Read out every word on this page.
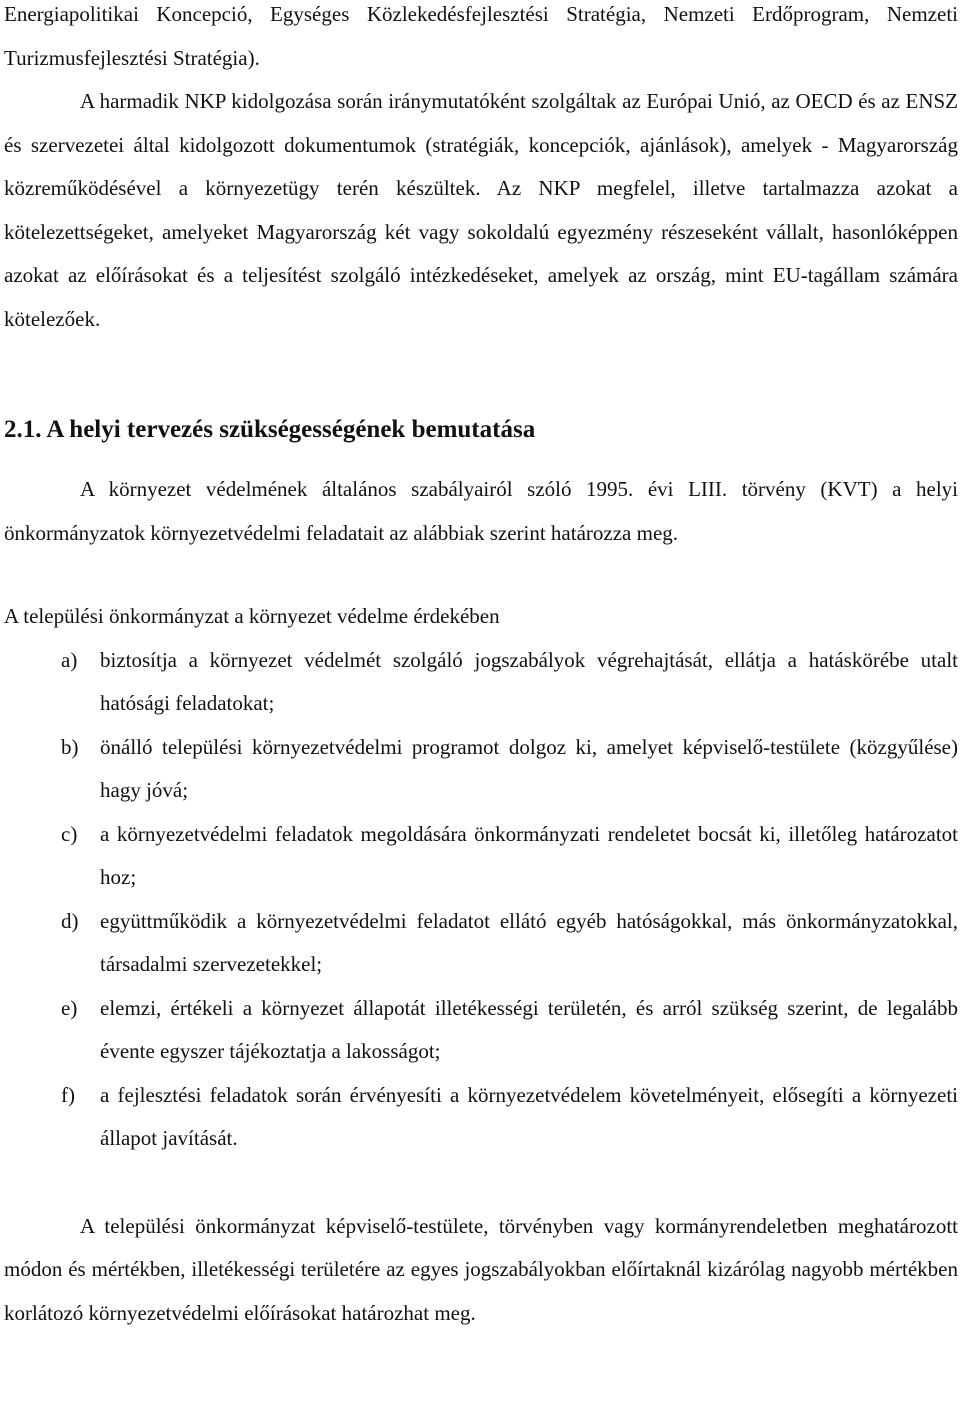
Energiapolitikai Koncepció, Egységes Közlekedésfejlesztési Stratégia, Nemzeti Erdőprogram, Nemzeti Turizmusfejlesztési Stratégia).

A harmadik NKP kidolgozása során iránymutatóként szolgáltak az Európai Unió, az OECD és az ENSZ és szervezetei által kidolgozott dokumentumok (stratégiák, koncepciók, ajánlások), amelyek - Magyarország közreműködésével a környezetügy terén készültek. Az NKP megfelel, illetve tartalmazza azokat a kötelezettségeket, amelyeket Magyarország két vagy sokoldalú egyezmény részeseként vállalt, hasonlóképpen azokat az előírásokat és a teljesítést szolgáló intézkedéseket, amelyek az ország, mint EU-tagállam számára kötelezőek.

2.1. A helyi tervezés szükségességének bemutatása

A környezet védelmének általános szabályairól szóló 1995. évi LIII. törvény (KVT) a helyi önkormányzatok környezetvédelmi feladatait az alábbiak szerint határozza meg.

A települési önkormányzat a környezet védelme érdekében

a) biztosítja a környezet védelmét szolgáló jogszabályok végrehajtását, ellátja a hatáskörébe utalt hatósági feladatokat;
b) önálló települési környezetvédelmi programot dolgoz ki, amelyet képviselő-testülete (közgyűlése) hagy jóvá;
c) a környezetvédelmi feladatok megoldására önkormányzati rendeletet bocsát ki, illetőleg határozatot hoz;
d) együttműködik a környezetvédelmi feladatot ellátó egyéb hatóságokkal, más önkormányzatokkal, társadalmi szervezetekkel;
e) elemzi, értékeli a környezet állapotát illetékességi területén, és arról szükség szerint, de legalább évente egyszer tájékoztatja a lakosságot;
f) a fejlesztési feladatok során érvényesíti a környezetvédelem követelményeit, elősegíti a környezeti állapot javítását.

A települési önkormányzat képviselő-testülete, törvényben vagy kormányrendeletben meghatározott módon és mértékben, illetékességi területére az egyes jogszabályokban előírtaknál kizárólag nagyobb mértékben korlátozó környezetvédelmi előírásokat határozhat meg.
